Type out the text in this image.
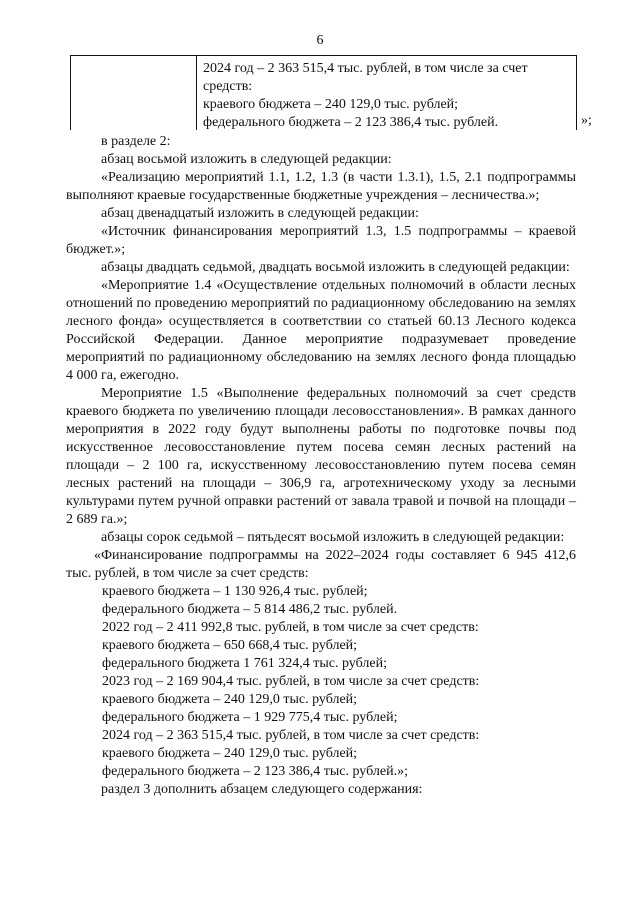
6
2024 год – 2 363 515,4 тыс. рублей, в том числе за счет
средств:
краевого бюджета – 240 129,0 тыс. рублей;
федерального бюджета – 2 123 386,4 тыс. рублей.	»;
в разделе 2:
абзац восьмой изложить в следующей редакции:
«Реализацию мероприятий 1.1, 1.2, 1.3 (в части 1.3.1), 1.5, 2.1 подпрограммы выполняют краевые государственные бюджетные учреждения – лесничества.»;
абзац двенадцатый изложить в следующей редакции:
«Источник финансирования мероприятий 1.3, 1.5 подпрограммы – краевой бюджет.»;
абзацы двадцать седьмой, двадцать восьмой изложить в следующей редакции:
«Мероприятие 1.4 «Осуществление отдельных полномочий в области лесных отношений по проведению мероприятий по радиационному обследованию на землях лесного фонда» осуществляется в соответствии со статьей 60.13 Лесного кодекса Российской Федерации. Данное мероприятие подразумевает проведение мероприятий по радиационному обследованию на землях лесного фонда площадью 4 000 га, ежегодно.
Мероприятие 1.5 «Выполнение федеральных полномочий за счет средств краевого бюджета по увеличению площади лесовосстановления». В рамках данного мероприятия в 2022 году будут выполнены работы по подготовке почвы под искусственное лесовосстановление путем посева семян лесных растений на площади – 2 100 га, искусственному лесовосстановлению путем посева семян лесных растений на площади – 306,9 га, агротехническому уходу за лесными культурами путем ручной оправки растений от завала травой и почвой на площади – 2 689 га.»;
абзацы сорок седьмой – пятьдесят восьмой изложить в следующей редакции:
«Финансирование подпрограммы на 2022–2024 годы составляет 6 945 412,6 тыс. рублей, в том числе за счет средств:
краевого бюджета – 1 130 926,4 тыс. рублей;
федерального бюджета – 5 814 486,2 тыс. рублей.
2022 год – 2 411 992,8 тыс. рублей, в том числе за счет средств:
краевого бюджета – 650 668,4 тыс. рублей;
федерального бюджета 1 761 324,4 тыс. рублей;
2023 год – 2 169 904,4 тыс. рублей, в том числе за счет средств:
краевого бюджета – 240 129,0 тыс. рублей;
федерального бюджета – 1 929 775,4 тыс. рублей;
2024 год – 2 363 515,4 тыс. рублей, в том числе за счет средств:
краевого бюджета – 240 129,0 тыс. рублей;
федерального бюджета – 2 123 386,4 тыс. рублей.»;
раздел 3 дополнить абзацем следующего содержания:
